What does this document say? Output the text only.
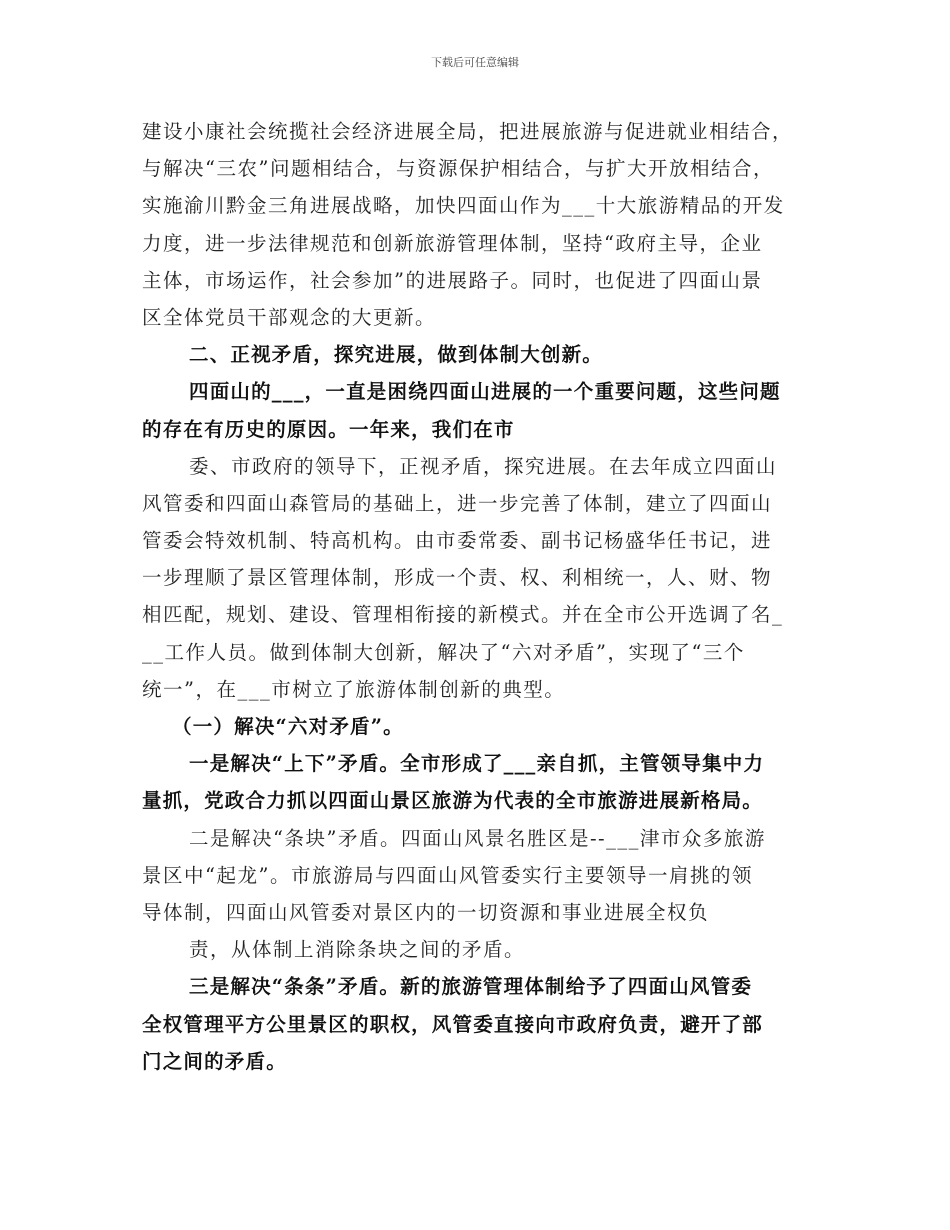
下载后可任意编辑
建设小康社会统揽社会经济进展全局，把进展旅游与促进就业相结合，
与解决“三农”问题相结合，与资源保护相结合，与扩大开放相结合，
实施渝川黔金三角进展战略，加快四面山作为___十大旅游精品的开发
力度，进一步法律规范和创新旅游管理体制，坚持“政府主导，企业
主体，市场运作，社会参加”的进展路子。同时，也促进了四面山景
区全体党员干部观念的大更新。
二、正视矛盾，探究进展，做到体制大创新。
四面山的___，一直是困绕四面山进展的一个重要问题，这些问题
的存在有历史的原因。一年来，我们在市
委、市政府的领导下，正视矛盾，探究进展。在去年成立四面山
风管委和四面山森管局的基础上，进一步完善了体制，建立了四面山
管委会特效机制、特高机构。由市委常委、副书记杨盛华任书记，进
一步理顺了景区管理体制，形成一个责、权、利相统一，人、财、物
相匹配，规划、建设、管理相衔接的新模式。并在全市公开选调了名_
__工作人员。做到体制大创新，解决了“六对矛盾”，实现了“三个
统一”，在___市树立了旅游体制创新的典型。
（一）解决“六对矛盾”。
一是解决“上下”矛盾。全市形成了___亲自抓，主管领导集中力
量抓，党政合力抓以四面山景区旅游为代表的全市旅游进展新格局。
二是解决“条块”矛盾。四面山风景名胜区是--___津市众多旅游
景区中“起龙”。市旅游局与四面山风管委实行主要领导一肩挑的领
导体制，四面山风管委对景区内的一切资源和事业进展全权负
责，从体制上消除条块之间的矛盾。
三是解决“条条”矛盾。新的旅游管理体制给予了四面山风管委
全权管理平方公里景区的职权，风管委直接向市政府负责，避开了部
门之间的矛盾。
